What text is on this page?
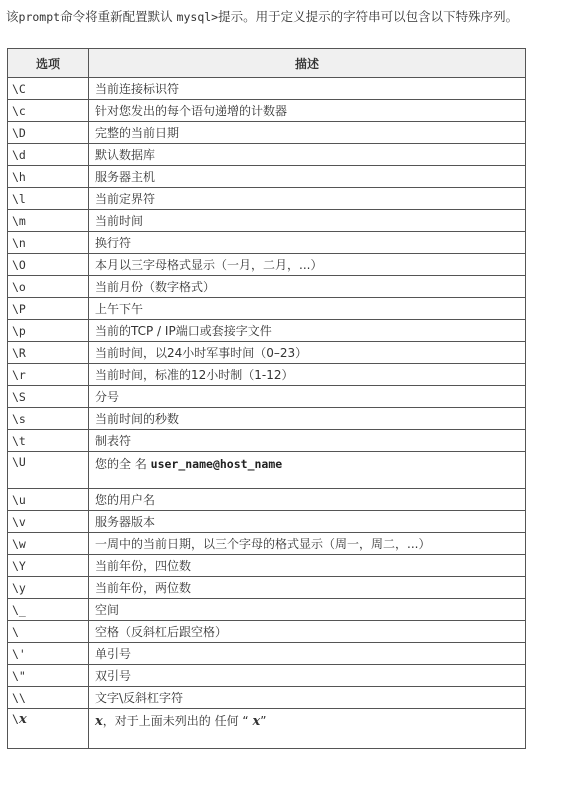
该prompt命令将重新配置默认 mysql>提示。用于定义提示的字符串可以包含以下特殊序列。
选项	描述
\C	当前连接标识符
\c	针对您发出的每个语句递增的计数器
\D	完整的当前日期
\d	默认数据库
\h	服务器主机
\l	当前定界符
\m	当前时间
\n	换行符
\O	本月以三字母格式显示（一月，二月，...）
\o	当前月份（数字格式）
\P	上午下午
\p	当前的TCP / IP端口或套接字文件
\R	当前时间，以24小时军事时间（0–23）
\r	当前时间，标准的12小时制（1-12）
\S	分号
\s	当前时间的秒数
\t	制表符
\U	您的全 名 user_name@host_name
\u	您的用户名
\v	服务器版本
\w	一周中的当前日期，以三个字母的格式显示（周一，周二，...）
\Y	当前年份，四位数
\y	当前年份，两位数
\_	空间
\	空格（反斜杠后跟空格）
\'	单引号
\"	双引号
\\	文字\反斜杠字符
\x	x，对于上面未列出的 任何 “ x”
